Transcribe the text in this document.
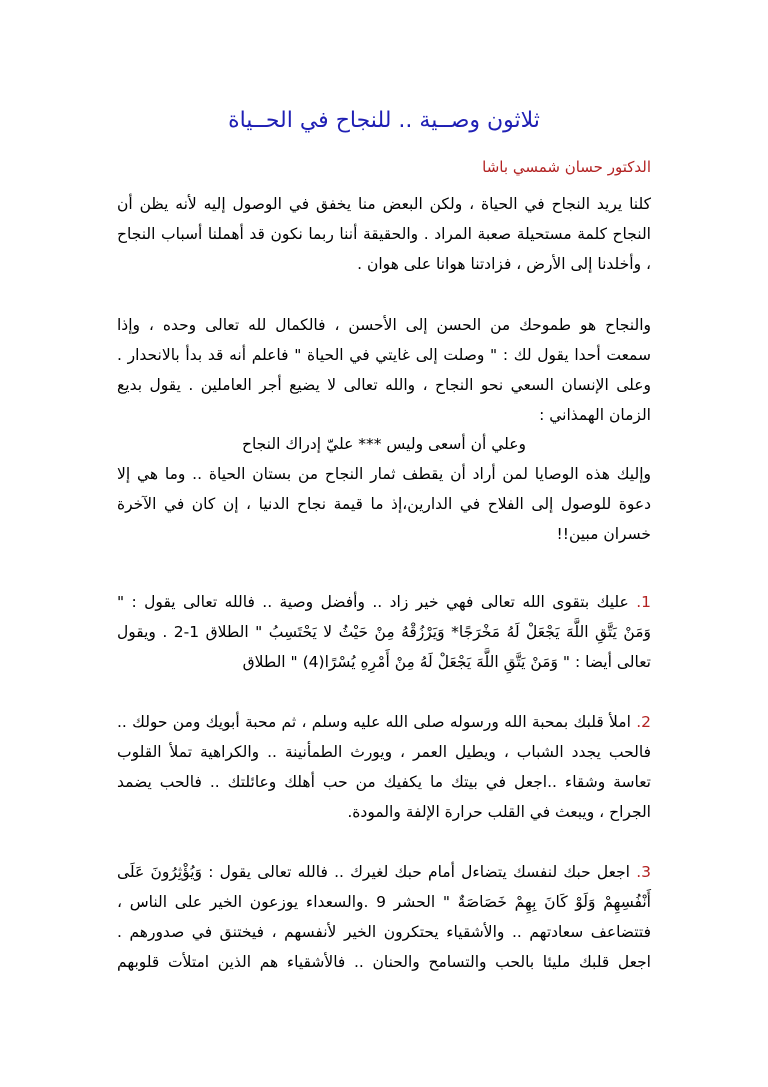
ثلاثون وصــية .. للنجاح في الحــياة
الدكتور حسان شمسي باشا
كلنا يريد النجاح في الحياة ، ولكن البعض منا يخفق في الوصول إليه لأنه يظن أن
النجاح كلمة مستحيلة صعبة المراد . والحقيقة أننا ربما نكون قد أهملنا أسباب النجاح
، وأخلدنا إلى الأرض ، فزادتنا هوانا على هوان .
والنجاح هو طموحك من الحسن إلى الأحسن ، فالكمال لله تعالى وحده ، وإذا
سمعت أحدا يقول لك : " وصلت إلى غايتي في الحياة " فاعلم أنه قد بدأ بالانحدار .
وعلى الإنسان السعي نحو النجاح ، والله تعالى لا يضيع أجر العاملين . يقول بديع
الزمان الهمذاني :
وعلي أن أسعى وليس *** عليّ إدراك النجاح
وإليك هذه الوصايا لمن أراد أن يقطف ثمار النجاح من بستان الحياة .. وما هي إلا
دعوة للوصول إلى الفلاح في الدارين،إذ ما قيمة نجاح الدنيا ، إن كان في الآخرة
خسران مبين!!
1. عليك بتقوى الله تعالى فهي خير زاد .. وأفضل وصية .. فالله تعالى يقول : "
وَمَنْ يَتَّقِ اللَّهَ يَجْعَلْ لَهُ مَخْرَجًا* وَيَرْزُقْهُ مِنْ حَيْثُ لا يَحْتَسِبُ " الطلاق 1-2 . ويقول
تعالى أيضا : " وَمَنْ يَتَّقِ اللَّهَ يَجْعَلْ لَهُ مِنْ أَمْرِهِ يُسْرًا(4) " الطلاق
2. املأ قلبك بمحبة الله ورسوله صلى الله عليه وسلم ، ثم محبة أبويك ومن حولك ..
فالحب يجدد الشباب ، ويطيل العمر ، ويورث الطمأنينة .. والكراهية تملأ القلوب
تعاسة وشقاء ..اجعل في بيتك ما يكفيك من حب أهلك وعائلتك .. فالحب يضمد
الجراح ، ويبعث في القلب حرارة الإلفة والمودة.
3. اجعل حبك لنفسك يتضاءل أمام حبك لغيرك .. فالله تعالى يقول : وَيُؤْثِرُونَ عَلَى
أَنْفُسِهِمْ وَلَوْ كَانَ بِهِمْ خَصَاصَةٌ " الحشر 9 .والسعداء يوزعون الخير على الناس ،
فتتضاعف سعادتهم .. والأشقياء يحتكرون الخير لأنفسهم ، فيختنق في صدورهم .
اجعل قلبك مليئا بالحب والتسامح والحنان .. فالأشقياء هم الذين امتلأت قلوبهم
